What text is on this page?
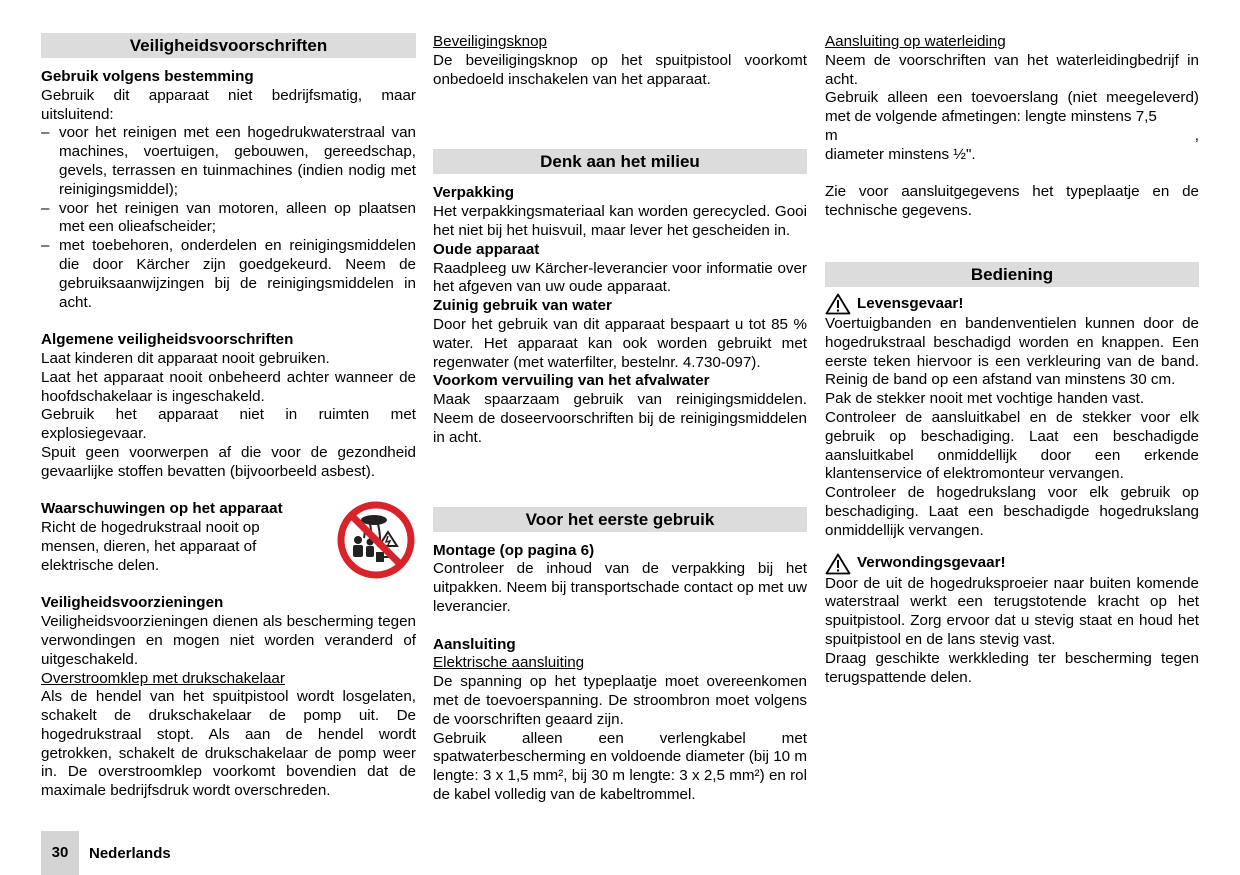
Veiligheidsvoorschriften

Gebruik volgens bestemming

Gebruik dit apparaat niet bedrijfsmatig, maar uitsluitend:

– voor het reinigen met een hogedrukwaterstraal van machines, voertuigen, gebouwen, gereedschap, gevels, terrassen en tuinmachines (indien nodig met reinigingsmiddel);
– voor het reinigen van motoren, alleen op plaatsen met een olieafscheider;
– met toebehoren, onderdelen en reinigingsmiddelen die door Kärcher zijn goedgekeurd. Neem de gebruiksaanwijzingen bij de reinigingsmiddelen in acht.

Algemene veiligheidsvoorschriften

Laat kinderen dit apparaat nooit gebruiken.

Laat het apparaat nooit onbeheerd achter wanneer de hoofdschakelaar is ingeschakeld.

Gebruik het apparaat niet in ruimten met explosiegevaar.

Spuit geen voorwerpen af die voor de gezondheid gevaarlijke stoffen bevatten (bijvoorbeeld asbest).

Waarschuwingen op het apparaat

Richt de hogedrukstraal nooit op mensen, dieren, het apparaat of elektrische delen.

Veiligheidsvoorzieningen

Veiligheidsvoorzieningen dienen als bescherming tegen verwondingen en mogen niet worden veranderd of uitgeschakeld.

Overstroomklep met drukschakelaar

Als de hendel van het spuitpistool wordt losgelaten, schakelt de drukschakelaar de pomp uit. De hogedrukstraal stopt. Als aan de hendel wordt getrokken, schakelt de drukschakelaar de pomp weer in. De overstroomklep voorkomt bovendien dat de maximale bedrijfsdruk wordt overschreden.

Beveiligingsknop

De beveiligingsknop op het spuitpistool voorkomt onbedoeld inschakelen van het apparaat.

Denk aan het milieu

Verpakking

Het verpakkingsmateriaal kan worden gerecycled. Gooi het niet bij het huisvuil, maar lever het gescheiden in.

Oude apparaat

Raadpleeg uw Kärcher-leverancier voor informatie over het afgeven van uw oude apparaat.

Zuinig gebruik van water

Door het gebruik van dit apparaat bespaart u tot 85 % water. Het apparaat kan ook worden gebruikt met regenwater (met waterfilter, bestelnr. 4.730-097).

Voorkom vervuiling van het afvalwater

Maak spaarzaam gebruik van reinigingsmiddelen. Neem de doseervoorschriften bij de reinigingsmiddelen in acht.

Voor het eerste gebruik

Montage (op pagina 6)

Controleer de inhoud van de verpakking bij het uitpakken. Neem bij transportschade contact op met uw leverancier.

Aansluiting

Elektrische aansluiting

De spanning op het typeplaatje moet overeenkomen met de toevoerspanning. De stroombron moet volgens de voorschriften geaard zijn.

Gebruik alleen een verlengkabel met spatwaterbescherming en voldoende diameter (bij 10 m lengte: 3 x 1,5 mm², bij 30 m lengte: 3 x 2,5 mm²) en rol de kabel volledig van de kabeltrommel.

Aansluiting op waterleiding

Neem de voorschriften van het waterleidingbedrijf in acht.

Gebruik alleen een toevoerslang (niet meegeleverd) met de volgende afmetingen: lengte minstens 7,5

m	,

diameter minstens ½".

Zie voor aansluitgegevens het typeplaatje en de technische gegevens.

Bediening
Levensgevaar!

Voertuigbanden en bandenventielen kunnen door de hogedrukstraal beschadigd worden en knappen. Een eerste teken hiervoor is een verkleuring van de band. Reinig de band op een afstand van minstens 30 cm.

Pak de stekker nooit met vochtige handen vast.

Controleer de aansluitkabel en de stekker voor elk gebruik op beschadiging. Laat een beschadigde aansluitkabel onmiddellijk door een erkende klantenservice of elektromonteur vervangen.

Controleer de hogedrukslang voor elk gebruik op beschadiging. Laat een beschadigde hogedrukslang onmiddellijk vervangen.

Verwondingsgevaar!

Door de uit de hogedruksproeier naar buiten komende waterstraal werkt een terugstotende kracht op het spuitpistool. Zorg ervoor dat u stevig staat en houd het spuitpistool en de lans stevig vast.

Draag geschikte werkkleding ter bescherming tegen terugspattende delen.

30	Nederlands
